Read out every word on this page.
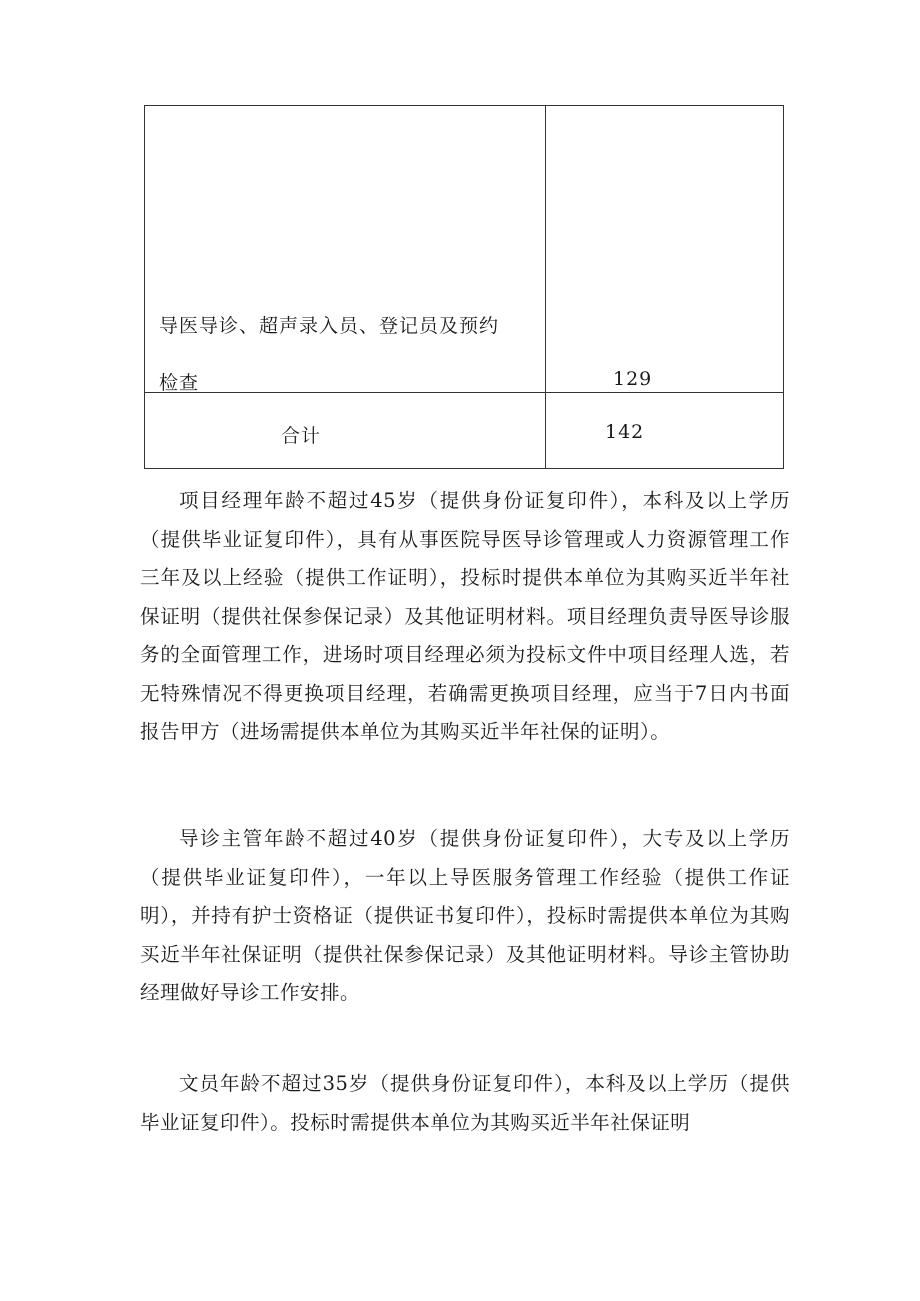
导医导诊、超声录入员、登记员及预约
检查	129
合计	142

项目经理年龄不超过45岁（提供身份证复印件），本科及以上学历（提供毕业证复印件），具有从事医院导医导诊管理或人力资源管理工作三年及以上经验（提供工作证明），投标时提供本单位为其购买近半年社保证明（提供社保参保记录）及其他证明材料。项目经理负责导医导诊服务的全面管理工作，进场时项目经理必须为投标文件中项目经理人选，若无特殊情况不得更换项目经理，若确需更换项目经理，应当于7日内书面报告甲方（进场需提供本单位为其购买近半年社保的证明）。

导诊主管年龄不超过40岁（提供身份证复印件），大专及以上学历（提供毕业证复印件），一年以上导医服务管理工作经验（提供工作证明），并持有护士资格证（提供证书复印件），投标时需提供本单位为其购买近半年社保证明（提供社保参保记录）及其他证明材料。导诊主管协助经理做好导诊工作安排。

文员年龄不超过35岁（提供身份证复印件），本科及以上学历（提供毕业证复印件）。投标时需提供本单位为其购买近半年社保证明
